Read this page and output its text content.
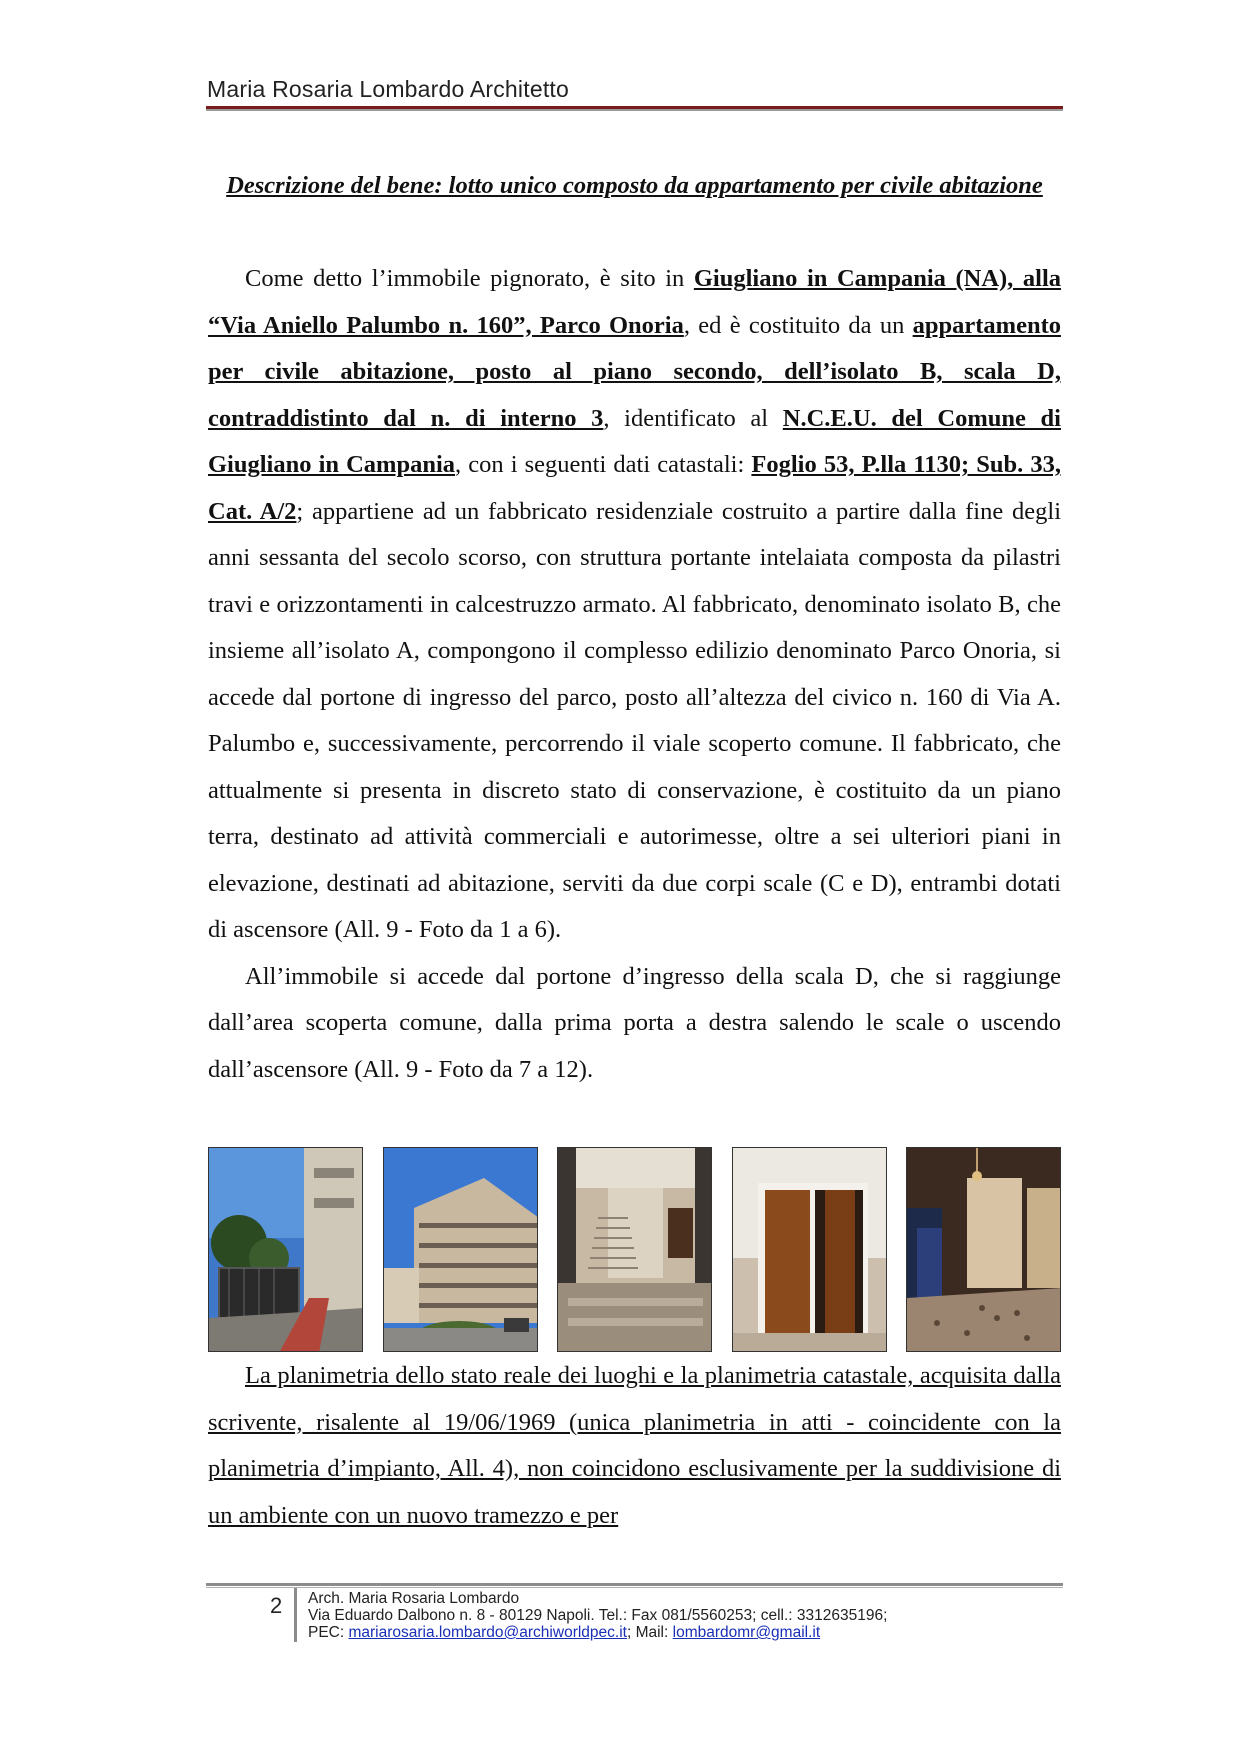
Maria Rosaria Lombardo Architetto
Descrizione del bene: lotto unico composto da appartamento per civile abitazione

Come detto l’immobile pignorato, è sito in Giugliano in Campania (NA), alla “Via Aniello Palumbo n. 160”, Parco Onoria, ed è costituito da un appartamento per civile abitazione, posto al piano secondo, dell’isolato B, scala D, contraddistinto dal n. di interno 3, identificato al N.C.E.U. del Comune di Giugliano in Campania, con i seguenti dati catastali: Foglio 53, P.lla 1130; Sub. 33, Cat. A/2; appartiene ad un fabbricato residenziale costruito a partire dalla fine degli anni sessanta del secolo scorso, con struttura portante intelaiata composta da pilastri travi e orizzontamenti in calcestruzzo armato. Al fabbricato, denominato isolato B, che insieme all’isolato A, compongono il complesso edilizio denominato Parco Onoria, si accede dal portone di ingresso del parco, posto all’altezza del civico n. 160 di Via A. Palumbo e, successivamente, percorrendo il viale scoperto comune. Il fabbricato, che attualmente si presenta in discreto stato di conservazione, è costituito da un piano terra, destinato ad attività commerciali e autorimesse, oltre a sei ulteriori piani in elevazione, destinati ad abitazione, serviti da due corpi scale (C e D), entrambi dotati di ascensore (All. 9 - Foto da 1 a 6).

All’immobile si accede dal portone d’ingresso della scala D, che si raggiunge dall’area scoperta comune, dalla prima porta a destra salendo le scale o uscendo dall’ascensore (All. 9 - Foto da 7 a 12).

La planimetria dello stato reale dei luoghi e la planimetria catastale, acquisita dalla scrivente, risalente al 19/06/1969 (unica planimetria in atti - coincidente con la planimetria d’impianto, All. 4), non coincidono esclusivamente per la suddivisione di un ambiente con un nuovo tramezzo e per

2 Arch. Maria Rosaria Lombardo
Via Eduardo Dalbono n. 8 - 80129 Napoli. Tel.: Fax 081/5560253; cell.: 3312635196;
PEC: mariarosaria.lombardo@archiworldpec.it; Mail: lombardomr@gmail.it
